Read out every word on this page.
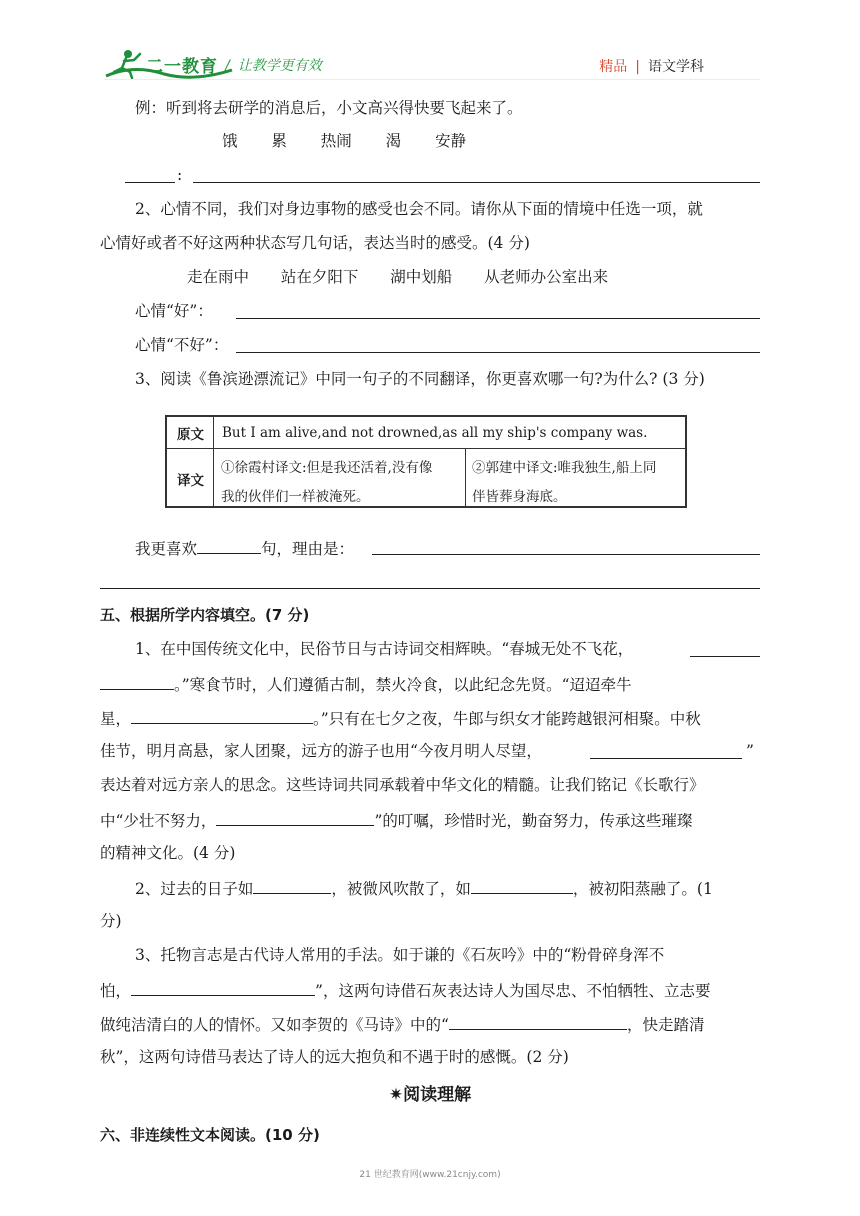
二一教育 / 让教学更有效	精品 | 语文学科
例：听到将去研学的消息后，小文高兴得快要飞起来了。
饿 累 热闹 渴 安静
:
2、心情不同，我们对身边事物的感受也会不同。请你从下面的情境中任选一项，就
心情好或者不好这两种状态写几句话，表达当时的感受。(4 分)
走在雨中 站在夕阳下 湖中划船 从老师办公室出来
心情“好”：
心情“不好”：
3、阅读《鲁滨逊漂流记》中同一句子的不同翻译，你更喜欢哪一句?为什么? (3 分)
原文 But I am alive,and not drowned,as all my ship's company was.
译文
①徐霞村译文:但是我还活着,没有像
我的伙伴们一样被淹死。
②郭建中译文:唯我独生,船上同
伴皆葬身海底。
我更喜欢	句，理由是：
五、根据所学内容填空。(7 分)
1、在中国传统文化中，民俗节日与古诗词交相辉映。“春城无处不飞花，
。”寒食节时，人们遵循古制，禁火冷食，以此纪念先贤。“迢迢牵牛
星，	。”只有在七夕之夜，牛郎与织女才能跨越银河相聚。中秋
佳节，明月高悬，家人团聚，远方的游子也用“今夜月明人尽望，	”
表达着对远方亲人的思念。这些诗词共同承载着中华文化的精髓。让我们铭记《长歌行》
中“少壮不努力，	”的叮嘱，珍惜时光，勤奋努力，传承这些璀璨
的精神文化。(4 分)
2、过去的日子如	，被微风吹散了，如	，被初阳蒸融了。(1
分)
3、托物言志是古代诗人常用的手法。如于谦的《石灰吟》中的“粉骨碎身浑不
怕，	”，这两句诗借石灰表达诗人为国尽忠、不怕牺牲、立志要
做纯洁清白的人的情怀。又如李贺的《马诗》中的“	，快走踏清
秋”，这两句诗借马表达了诗人的远大抱负和不遇于时的感慨。(2 分)
✷阅读理解
六、非连续性文本阅读。(10 分)
21 世纪教育网(www.21cnjy.com)
